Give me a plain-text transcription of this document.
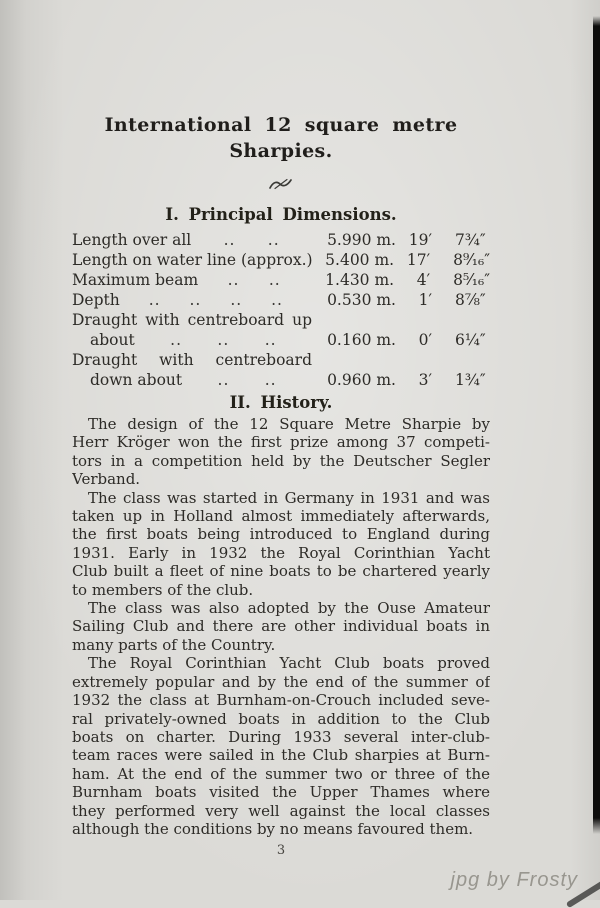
International 12 square metre Sharpies.
I. Principal Dimensions.
Length over all .. ..	5.990 m. 19′	7¾″
Length on water line (approx.) 5.400 m. 17′	8⁹⁄₁₆″
Maximum beam .. ..	1.430 m.	4′	8⁵⁄₁₆″
Depth .. .. .. ..	0.530 m.	1′	8⅞″
Draught with centreboard up
about .. .. ..	0.160 m.	0′	6¼″
Draught with centreboard
down about .. ..	0.960 m.	3′	1¾″
II. History.
The design of the 12 Square Metre Sharpie by
Herr Kröger won the first prize among 37 competi-
tors in a competition held by the Deutscher Segler
Verband.
The class was started in Germany in 1931 and was
taken up in Holland almost immediately afterwards,
the first boats being introduced to England during
1931. Early in 1932 the Royal Corinthian Yacht
Club built a fleet of nine boats to be chartered yearly
to members of the club.
The class was also adopted by the Ouse Amateur
Sailing Club and there are other individual boats in
many parts of the Country.
The Royal Corinthian Yacht Club boats proved
extremely popular and by the end of the summer of
1932 the class at Burnham-on-Crouch included seve-
ral privately-owned boats in addition to the Club
boats on charter. During 1933 several inter-club-
team races were sailed in the Club sharpies at Burn-
ham. At the end of the summer two or three of the
Burnham boats visited the Upper Thames where
they performed very well against the local classes
although the conditions by no means favoured them.
3
jpg by Frosty
